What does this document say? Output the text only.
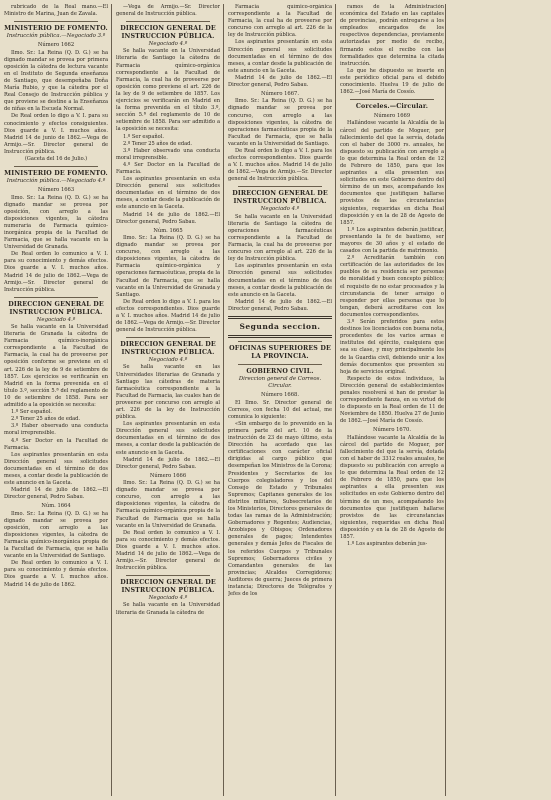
rubricado de la Real mano.—El Ministro de Marina, Juan de Zavala.

MINISTERIO DE FOMENTO.

Instrucción pública.—Negociado 3.º

Número 1662

Ilmo. Sr.: La Reina (Q. D. G.) se ha dignado mandar se provea por primera oposición la cátedra de lectura vacante en el Instituto de Segunda enseñanza de Santiago, que desempeñaba Doña María Rubio, y que la cátedra por el Real Consejo de Instrucción pública y que proviene se destine a la Enseñanza de niñas en la Escuela Normal.

De Real orden lo digo a V. I. para su conocimiento y efectos consiguientes. Dios guarde a V. I. muchos años. Madrid 14 de junio de 1862.—Vega de Armijo.—Sr. Director general de Instrucción pública.

(Gaceta del 16 de Julio.)

MINISTERIO DE FOMENTO.

Instrucción pública.—Negociado 4.º

Número 1663

Ilmo. Sr.: La Reina (Q. D. G.) se ha dignado mandar se provea por oposición, con arreglo a las disposiciones vigentes, la cátedra numeraria de Farmacia químico-inorgánica propia de la Facultad de Farmacia, que se halla vacante en la Universidad de Granada.

De Real orden lo comunico a V. I. para su conocimiento y demás efectos. Dios guarde a V. I. muchos años. Madrid 14 de julio de 1862.—Vega de Armijo.—Sr. Director general de Instrucción pública.

DIRECCION GENERAL DE INSTRUCCION PÚBLICA.

Negociado 4.º

Se halla vacante en la Universidad literaria de Granada la cátedra de Farmacia químico-inorgánica correspondiente a la Facultad de Farmacia, la cual ha de proveerse por oposición conforme se previene en el art. 226 de la ley de 9 de setiembre de 1857. Los ejercicios se verificarán en Madrid en la forma prevenida en el título 3.º, sección 5.ª del reglamento de 10 de setiembre de 1858. Para ser admitido a la oposición se necesita:

1.º Ser español.

2.º Tener 25 años de edad.

3.º Haber observado una conducta moral irreprensible.

4.º Ser Doctor en la Facultad de Farmacia.

Los aspirantes presentarán en esta Dirección general sus solicitudes documentadas en el término de dos meses, a contar desde la publicación de este anuncio en la Gaceta.

Madrid 14 de julio de 1862.—El Director general, Pedro Sabau.

Núm. 1664

Ilmo. Sr.: La Reina (Q. D. G.) se ha dignado mandar se provea por oposición, con arreglo a las disposiciones vigentes, la cátedra de Farmacia químico-inorgánica propia de la Facultad de Farmacia, que se halla vacante en la Universidad de Santiago.

De Real orden lo comunico a V. I. para su conocimiento y demás efectos. Dios guarde a V. I. muchos años. Madrid 14 de julio de 1862.

—Vega de Armijo.—Sr. Director general de Instrucción pública.

DIRECCION GENERAL DE INSTRUCCION PÚBLICA.

Negociado 4.º

Se halla vacante en la Universidad literaria de Santiago la cátedra de Farmacia químico-orgánica correspondiente a la Facultad de Farmacia, la cual ha de proveerse por oposición como previene el art. 226 de la ley de 9 de setiembre de 1857. Los ejercicios se verificarán en Madrid en la forma prevenida en el título 3.º, sección 5.ª del reglamento de 10 de setiembre de 1858. Para ser admitido a la oposición se necesita:

1.º Ser español.

2.º Tener 25 años de edad.

3.º Haber observado una conducta moral irreprensible.

4.º Ser Doctor en la Facultad de Farmacia.

Los aspirantes presentarán en esta Dirección general sus solicitudes documentadas en el término de dos meses, a contar desde la publicación de este anuncio en la Gaceta.

Madrid 14 de julio de 1862.—El Director general, Pedro Sabau.

Núm. 1665

Ilmo. Sr.: La Reina (Q. D. G.) se ha dignado mandar se provea por concurso, con arreglo a las disposiciones vigentes, la cátedra de Farmacia químico-orgánica y operaciones farmacéuticas, propia de la Facultad de Farmacia, que se halla vacante en la Universidad de Granada y Santiago.

De Real orden lo digo a V. I. para los efectos correspondientes. Dios guarde a V. I. muchos años. Madrid 14 de julio de 1862.—Vega de Armijo.—Sr. Director general de Instrucción pública.

DIRECCION GENERAL DE INSTRUCCION PÚBLICA.

Negociado 4.º

Se halla vacante en las Universidades literarias de Granada y Santiago las cátedras de materia farmacéutica correspondiente a la Facultad de Farmacia, las cuales han de proveerse por concurso con arreglo al art. 226 de la ley de Instrucción pública.

Los aspirantes presentarán en esta Dirección general sus solicitudes documentadas en el término de dos meses, a contar desde la publicación de este anuncio en la Gaceta.

Madrid 14 de julio de 1862.—El Director general, Pedro Sabau.

Número 1666

Ilmo. Sr.: La Reina (Q. D. G.) se ha dignado mandar se provea por concurso, con arreglo a las disposiciones vigentes, la cátedra de Farmacia químico-orgánica propia de la Facultad de Farmacia que se halla vacante en la Universidad de Granada.

De Real orden lo comunico a V. I. para su conocimiento y demás efectos. Dios guarde a V. I. muchos años. Madrid 14 de julio de 1862.—Vega de Armijo.—Sr. Director general de Instrucción pública.

DIRECCION GENERAL DE INSTRUCCION PÚBLICA.

Negociado 4.º

Se halla vacante en la Universidad literaria de Granada la cátedra de

Farmacia químico-orgánica correspondiente a la Facultad de Farmacia, la cual ha de proveerse por concurso con arreglo al art. 226 de la ley de Instrucción pública.

Los aspirantes presentarán en esta Dirección general sus solicitudes documentadas en el término de dos meses, a contar desde la publicación de este anuncio en la Gaceta.

Madrid 14 de julio de 1862.—El Director general, Pedro Sabau.

Número 1667.

Ilmo. Sr.: La Reina (Q. D. G.) se ha dignado mandar se provea por concurso, con arreglo a las disposiciones vigentes, la cátedra de operaciones farmacéuticas propia de la Facultad de Farmacia, que se halla vacante en la Universidad de Santiago.

De Real orden lo digo a V. I. para los efectos correspondientes. Dios guarde a V. I. muchos años. Madrid 14 de julio de 1862.—Vega de Armijo.—Sr. Director general de Instrucción pública.

DIRECCION GENERAL DE INSTRUCCION PÚBLICA.

Negociado 4.º

Se halla vacante en la Universidad literaria de Santiago la cátedra de operaciones farmacéuticas correspondiente a la Facultad de Farmacia, la cual ha de proveerse por concurso con arreglo al art. 226 de la ley de Instrucción pública.

Los aspirantes presentarán en esta Dirección general sus solicitudes documentadas en el término de dos meses, a contar desde la publicación de este anuncio en la Gaceta.

Madrid 14 de julio de 1862.—El Director general, Pedro Sabau.

Segunda seccion.

OFICINAS SUPERIORES DE LA PROVINCIA.

GOBIERNO CIVIL.

Direccion general de Correos. Circular.

Número 1668.

El Ilmo. Sr. Director general de Correos, con fecha 10 del actual, me comunica lo siguiente:

«Sin embargo de lo prevenido en la primera parte del art. 10 de la instrucción de 23 de mayo último, esta Dirección ha acordado que las certificaciones con carácter oficial dirigidas al cargo público que desempeñan los Ministros de la Corona; Presidentes y Secretarios de los Cuerpos colegisladores y los del Consejo de Estado y Tribunales Supremos; Capitanes generales de los distritos militares, Subsecretarios de los Ministerios, Directores generales de todas las ramas de la Administración; Gobernadores y Regentes; Audiencias, Arzobispos y Obispos; Ordenadores generales de pagos; Intendentes generales y demás Jefes de Fiscales de los referidos Cuerpos y Tribunales Supremos; Gobernadores civiles y Comandantes generales de las provincias; Alcaldes Corregidores; Auditores de guerra; Jueces de primera instancia; Directores de Telégrafos y Jefes de los

ramos de la Administración económica del Estado en las capitales de provincias, podrán entregarse a los empleados encargados de los respectivos dependencias, previamente autorizadas por medio de recibo, firmando estos el recibo con las formalidades que determina la citada instrucción.

Lo que he dispuesto se inserte en este periódico oficial para el debido conocimiento. Huelva 19 de julio de 1862.—José María de Cossío.

Corceles.—Circular.

Número 1669

Hallándose vacante la Alcaldía de la cárcel del partido de Moguer, por fallecimiento del que la servía, dotada con el haber de 3000 rs. anuales, he dispuesto su publicación con arreglo a lo que determina la Real orden de 12 de Febrero de 1850, para que los aspirantes a ella presenten sus solicitudes en este Gobierno dentro del término de un mes, acompañando los documentos que justifiquen hallarse provistos de las circunstancias siguientes, requeridas en dicha Real disposición y en la de 28 de Agosto de 1857.

1.º Los aspirantes deberán justificar, presentando la fe de bautismo, ser mayores de 30 años y el estado de casados con la partida de matrimonio.

2.º Acreditarán también con certificación de las autoridades de los pueblos de su residencia ser personas de moralidad y buen concepto público; el requisito de no estar procesados y la circunstancia de tener arraigo o responder por ellas personas que lo tengan, deberá acreditarse con los documentos correspondientes.

3.º Serán preferidos para estos destinos los licenciados con buena nota, procedentes de los varios armas e institutos del ejército, cualquiera que sea su clase, y muy principalmente los de la Guardia civil, debiendo unir a los demás documentos que presenten su hoja de servicios original.

Respecto de estos individuos, la Dirección general de establecimientos penales resolverá si han de prestar la correspondiente fianza, en su virtud de lo dispuesto en la Real orden de 11 de Noviembre de 1850. Huelva 27 de Junio de 1862.—José María de Cossío.

Número 1670.

Hallándose vacante la Alcaldía de la cárcel del partido de Moguer, por fallecimiento del que la servía, dotada con el haber de 3312 reales anuales, he dispuesto su publicación con arreglo a lo que determina la Real orden de 12 de Febrero de 1850, para que los aspirantes a ella presenten sus solicitudes en este Gobierno dentro del término de un mes, acompañando los documentos que justifiquen hallarse provistos de las circunstancias siguientes, requeridas en dicha Real disposición y en la de 28 de Agosto de 1857.

1.º Los aspirantes deberán jus-
